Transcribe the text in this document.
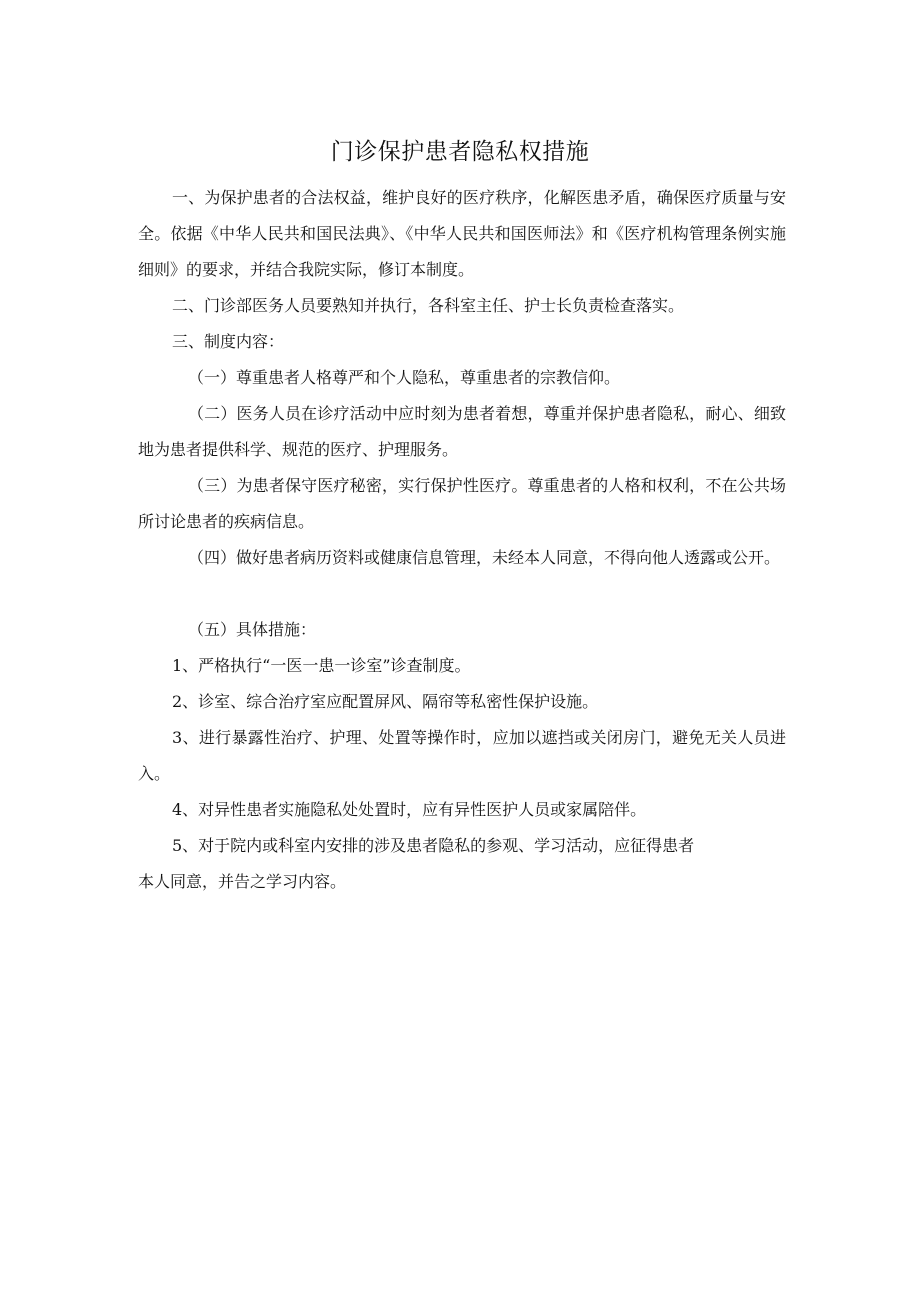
门诊保护患者隐私权措施

一、为保护患者的合法权益，维护良好的医疗秩序，化解医患矛盾，确保医疗质量与安全。依据《中华人民共和国民法典》、《中华人民共和国医师法》和《医疗机构管理条例实施细则》的要求，并结合我院实际，修订本制度。

二、门诊部医务人员要熟知并执行，各科室主任、护士长负责检查落实。

三、制度内容：

（一）尊重患者人格尊严和个人隐私，尊重患者的宗教信仰。

（二）医务人员在诊疗活动中应时刻为患者着想，尊重并保护患者隐私，耐心、细致地为患者提供科学、规范的医疗、护理服务。

（三）为患者保守医疗秘密，实行保护性医疗。尊重患者的人格和权利，不在公共场所讨论患者的疾病信息。

（四）做好患者病历资料或健康信息管理，未经本人同意，不得向他人透露或公开。

（五）具体措施：

1、严格执行“一医一患一诊室”诊查制度。

2、诊室、综合治疗室应配置屏风、隔帘等私密性保护设施。

3、进行暴露性治疗、护理、处置等操作时，应加以遮挡或关闭房门，避免无关人员进入。

4、对异性患者实施隐私处处置时，应有异性医护人员或家属陪伴。

5、对于院内或科室内安排的涉及患者隐私的参观、学习活动，应征得患者

本人同意，并告之学习内容。
